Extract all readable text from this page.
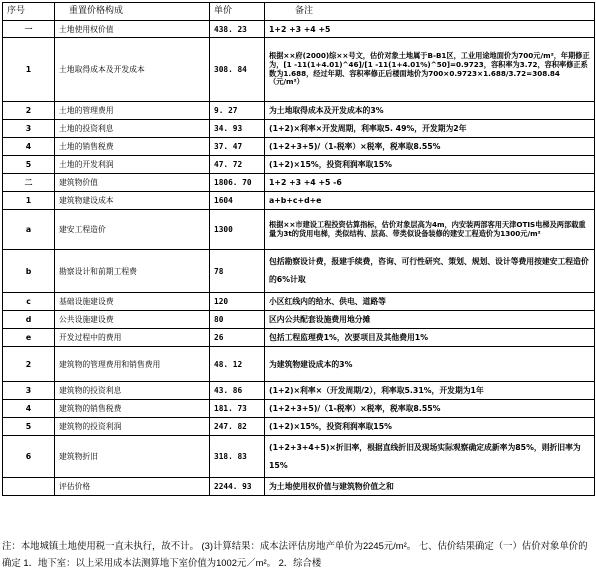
序号	重置价格构成	单价	备注
一	土地使用权价值	438. 23	1+2 +3 +4 +5
1	土地取得成本及开发成本	308. 84	根据××府(2000)综××号文，估价对象土地属于B-B1区，工业用途地面价为700元/m²，年期修正为，[1 -11(1+4.01)^46]/[1 -11(1+4.01%)^50]=0.9723，容积率为3.72，容积率修正系数为1.688，经过年期、容积率修正后楼面地价为700×0.9723×1.688/3.72=308.84（元/m²）
2	土地的管理费用	9. 27	为土地取得成本及开发成本的3%
3	土地的投资利息	34. 93	(1+2)×利率×开发周期，利率取5. 49%，开发期为2年
4	土地的销售税费	37. 47	(1+2+3+5)/（1-税率）×税率，税率取8.55%
5	土地的开发利润	47. 72	(1+2)×15%，投资利润率取15%
二	建筑物价值	1806. 70	1+2 +3 +4 +5 -6
1	建筑物建设成本	1604	a+b+c+d+e
a	建安工程造价	1300	根据××市建设工程投资估算指标，估价对象层高为4m，内安装两部客用天津OTIS电梯及两部载重量为3t的货用电梯，类似结构、层高、带类似设备装修的建安工程造价为1300元/m²
b	勘察设计和前期工程费	78	包括勘察设计费，报建手续费，咨询、可行性研究、策划、规划、设计等费用按建安工程造价的6%计取
c	基础设施建设费	120	小区红线内的给水、供电、道路等
d	公共设施建设费	80	区内公共配套设施费用地分摊
e	开发过程中的费用	26	包括工程监理费1%，次要项目及其他费用1%
2	建筑物的管理费用和销售费用	48. 12	为建筑物建设成本的3%
3	建筑物的投资利息	43. 86	(1+2)×利率×（开发周期/2），利率取5.31%，开发期为1年
4	建筑物的销售税费	181. 73	(1+2+3+5)/（1-税率）×税率，税率取8.55%
5	建筑物的投资利润	247. 82	(1+2)×15%，投资利润率取15%
6	建筑物折旧	318. 83	(1+2+3+4+5)×折旧率，根据直线折旧及现场实际观察确定成新率为85%，则折旧率为15%
	评估价格	2244. 93	为土地使用权价值与建筑物价值之和
注：本地城镇土地使用税一直未执行，故不计。 (3)计算结果：成本法评估房地产单价为2245元/m²。 七、估价结果确定（一）估价对象单价的确定 1．地下室：以上采用成本法测算地下室价值为1002元／m²。 2．综合楼
